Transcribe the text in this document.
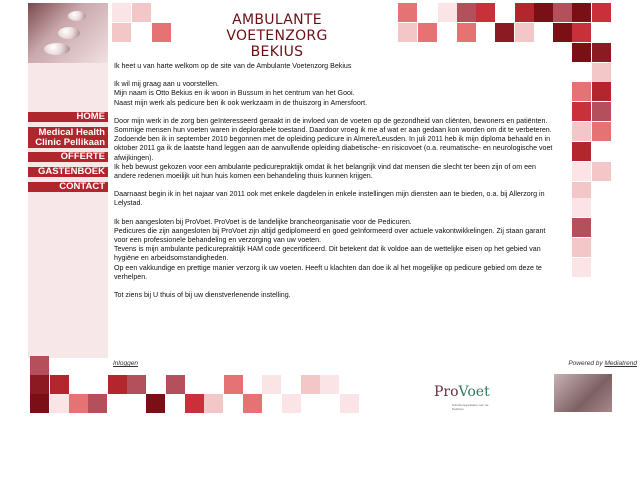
AMBULANTE VOETENZORG
BEKIUS
HOME
Medical Health
Clinic Pellikaan
OFFERTE
GASTENBOEK
CONTACT

Ik heet u van harte welkom op de site van de Ambulante Voetenzorg Bekius

Ik wil mij graag aan u voorstellen.
Mijn naam is Otto Bekius en ik woon in Bussum in het centrum van het Gooi.
Naast mijn werk als pedicure ben ik ook werkzaam in de thuiszorg in Amersfoort.

Door mijn werk in de zorg ben geïnteresseerd geraakt in de invloed van de voeten op de gezondheid van cliënten, bewoners en patiënten. Sommige mensen hun voeten waren in deplorabele toestand. Daardoor vroeg ik me af wat er aan gedaan kon worden om dit te verbeteren. Zodoende ben ik in september 2010 begonnen met de opleiding pedicure in Almere/Leusden. In juli 2011 heb ik mijn diploma behaald en in oktober 2011 ga ik de laatste hand leggen aan de aanvullende opleiding diabetische- en risicovoet (o.a. reumatische- en neurologische voet afwijkingen).
Ik heb bewust gekozen voor een ambulante pedicurepraktijk omdat ik het belangrijk vind dat mensen die slecht ter been zijn of om een andere redenen moeilijk uit hun huis komen een behandeling thuis kunnen krijgen.

Daarnaast begin ik in het najaar van 2011 ook met enkele dagdelen in enkele instellingen mijn diensten aan te bieden, o.a. bij Allerzorg in Lelystad.

Ik ben aangesloten bij ProVoet. ProVoet is de landelijke brancheorganisatie voor de Pedicuren.
Pedicures die zijn aangesloten bij ProVoet zijn altijd gediplomeerd en goed geïnformeerd over actuele vakontwikkelingen. Zij staan garant voor een professionele behandeling en verzorging van uw voeten.
Tevens is mijn ambulante pedicurepraktijk HAM code gecertificeerd. Dit betekent dat ik voldoe aan de wettelijke eisen op het gebied van hygiëne en arbeidsomstandigheden.
Op een vakkundige en prettige manier verzorg ik uw voeten. Heeft u klachten dan doe ik al het mogelijke op pedicure gebied om deze te verhelpen.

Tot ziens bij U thuis of bij uw dienstverlenende instelling.

Inloggen	Powered by Mediatrend
ProVoet
brancheorganisatie voor de Pedicure
